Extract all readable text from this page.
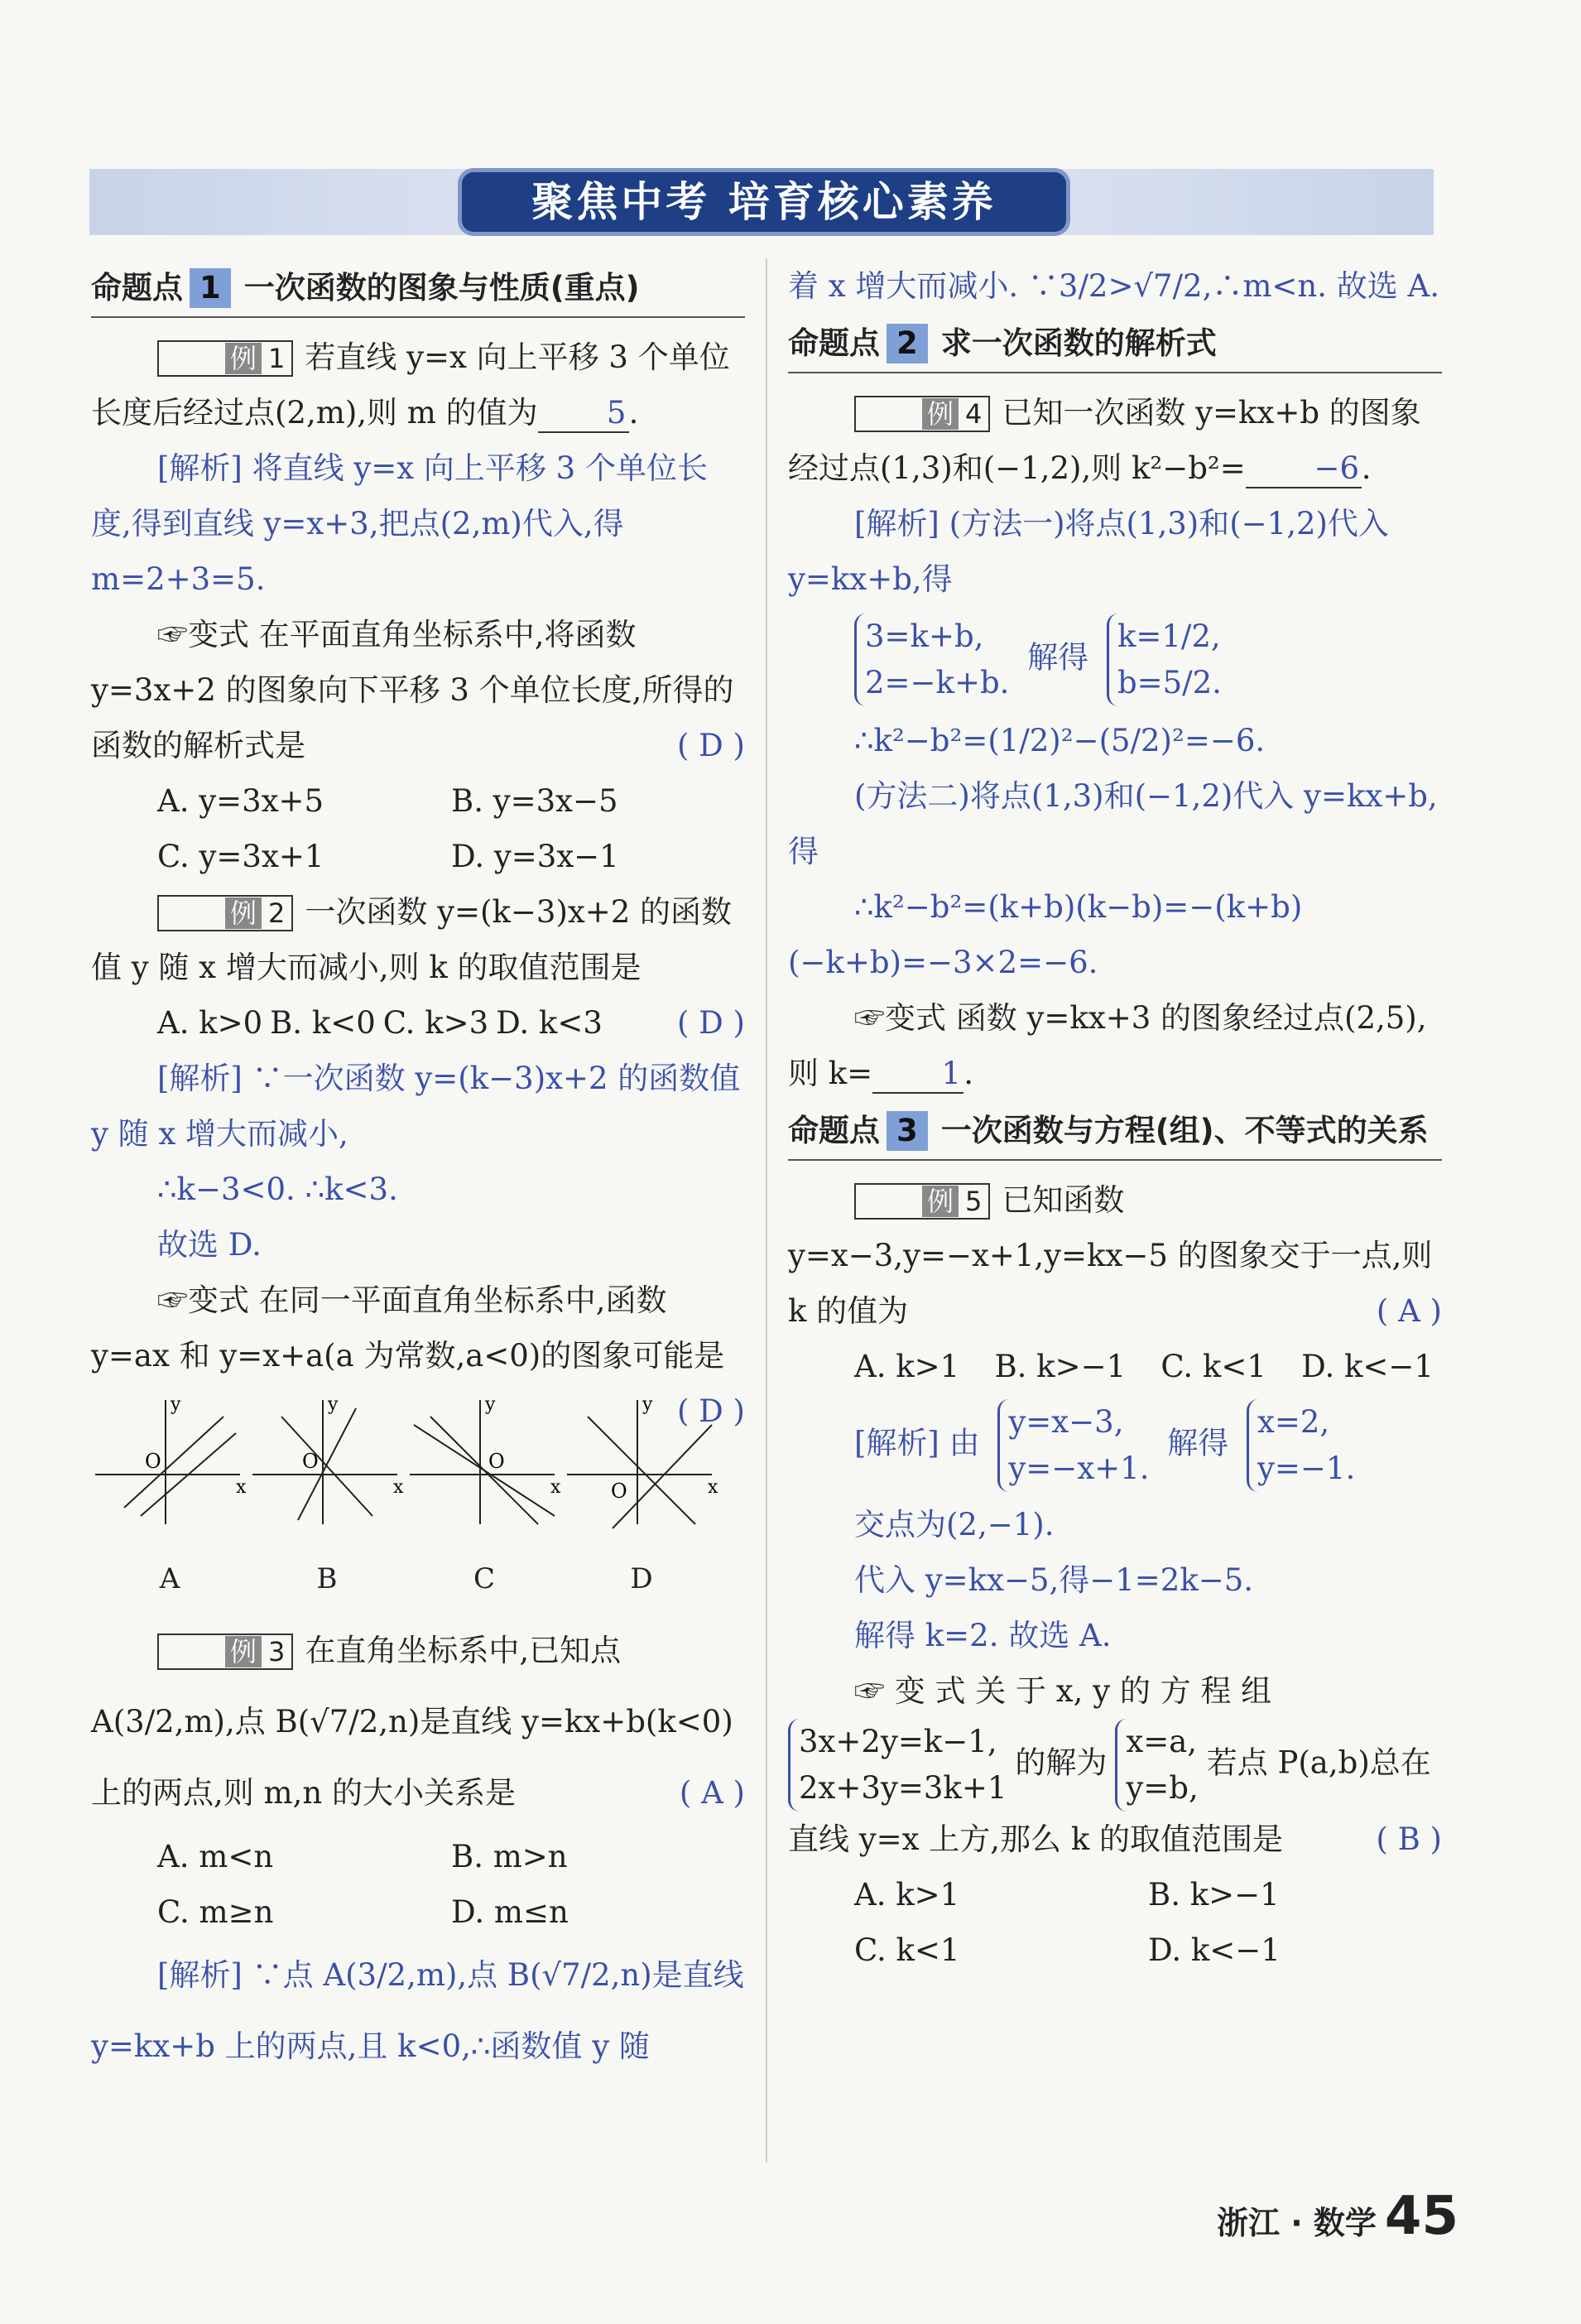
聚焦中考 培育核心素养
命题点 1 一次函数的图象与性质(重点)

例 1 若直线 y=x 向上平移 3 个单位长度后经过点(2,m),则 m 的值为 5.

[解析] 将直线 y=x 向上平移 3 个单位长度,得到直线 y=x+3,把点(2,m)代入,得 m=2+3=5.

☞变式 在平面直角坐标系中,将函数 y=3x+2 的图象向下平移 3 个单位长度,所得的函数的解析式是	( D )

A. y=3x+5	B. y=3x−5
C. y=3x+1	D. y=3x−1

例 2 一次函数 y=(k−3)x+2 的函数值 y 随 x 增大而减小,则 k 的取值范围是
( D )

A. k>0 B. k<0 C. k>3 D. k<3

[解析] ∵一次函数 y=(k−3)x+2 的函数值 y 随 x 增大而减小,

∴k−3<0. ∴k<3.

故选 D.

☞变式 在同一平面直角坐标系中,函数 y=ax 和 y=x+a(a 为常数,a<0)的图象可能是
( D )

O
x
y
A
O
x
y
B
O
x
y
C
O	x
y
D

例 3 在直角坐标系中,已知点 A(3/2,m),点 B(√7/2,n)是直线 y=kx+b(k<0)上的两点,则 m,n 的大小关系是	( A )

A. m<n	B. m>n
C. m≥n	D. m≤n

[解析] ∵点 A(3/2,m),点 B(√7/2,n)是直线 y=kx+b 上的两点,且 k<0,∴函数值 y 随

着 x 增大而减小. ∵3/2>√7/2,∴m<n. 故选 A.

命题点 2 求一次函数的解析式

例 4 已知一次函数 y=kx+b 的图象经过点(1,3)和(−1,2),则 k²−b²= −6.

[解析] (方法一)将点(1,3)和(−1,2)代入 y=kx+b,得

3=k+b,
2=−k+b. 解得 k=1/2,
b=5/2.

∴k²−b²=(1/2)²−(5/2)²=−6.

(方法二)将点(1,3)和(−1,2)代入 y=kx+b,得

∴k²−b²=(k+b)(k−b)=−(k+b)(−k+b)=−3×2=−6.

☞变式 函数 y=kx+3 的图象经过点(2,5),则 k= 1.

命题点 3 一次函数与方程(组)、不等式的关系

例 5 已知函数 y=x−3,y=−x+1,y=kx−5 的图象交于一点,则 k 的值为	( A )

A. k>1 B. k>−1 C. k<1 D. k<−1

[解析] 由 y=x−3,
y=−x+1. 解得 x=2,
y=−1.

交点为(2,−1).

代入 y=kx−5,得−1=2k−5.

解得 k=2. 故选 A.

☞ 变 式 关 于 x, y 的 方 程 组

3x+2y=k−1,
2x+3y=3k+1的解为x=a,
y=b,若点 P(a,b)总在直线 y=x 上方,那么 k 的取值范围是	( B )

A. k>1	B. k>−1
C. k<1	D. k<−1
浙江 · 数学 45
